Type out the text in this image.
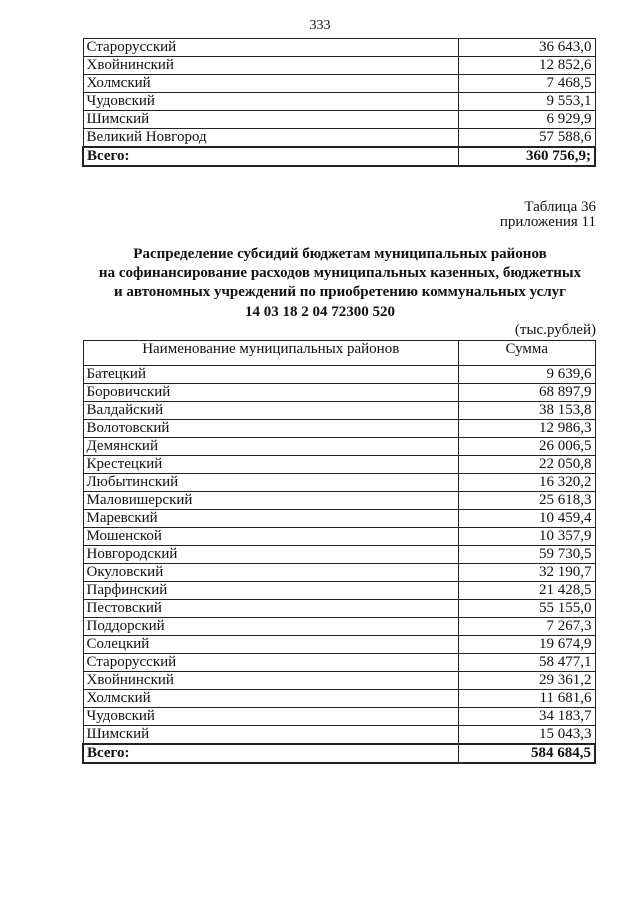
333
Старорусский	36 643,0
Хвойнинский	12 852,6
Холмский	7 468,5
Чудовский	9 553,1
Шимский	6 929,9
Великий Новгород	57 588,6
Всего:	360 756,9;
Таблица 36
приложения 11
Распределение субсидий бюджетам муниципальных районов
на софинансирование расходов муниципальных казенных, бюджетных
и автономных учреждений по приобретению коммунальных услуг
14 03 18 2 04 72300 520
(тыс.рублей)
Наименование муниципальных районов	Сумма
Батецкий	9 639,6
Боровичский	68 897,9
Валдайский	38 153,8
Волотовский	12 986,3
Демянский	26 006,5
Крестецкий	22 050,8
Любытинский	16 320,2
Маловишерский	25 618,3
Маревский	10 459,4
Мошенской	10 357,9
Новгородский	59 730,5
Окуловский	32 190,7
Парфинский	21 428,5
Пестовский	55 155,0
Поддорский	7 267,3
Солецкий	19 674,9
Старорусский	58 477,1
Хвойнинский	29 361,2
Холмский	11 681,6
Чудовский	34 183,7
Шимский	15 043,3
Всего:	584 684,5
